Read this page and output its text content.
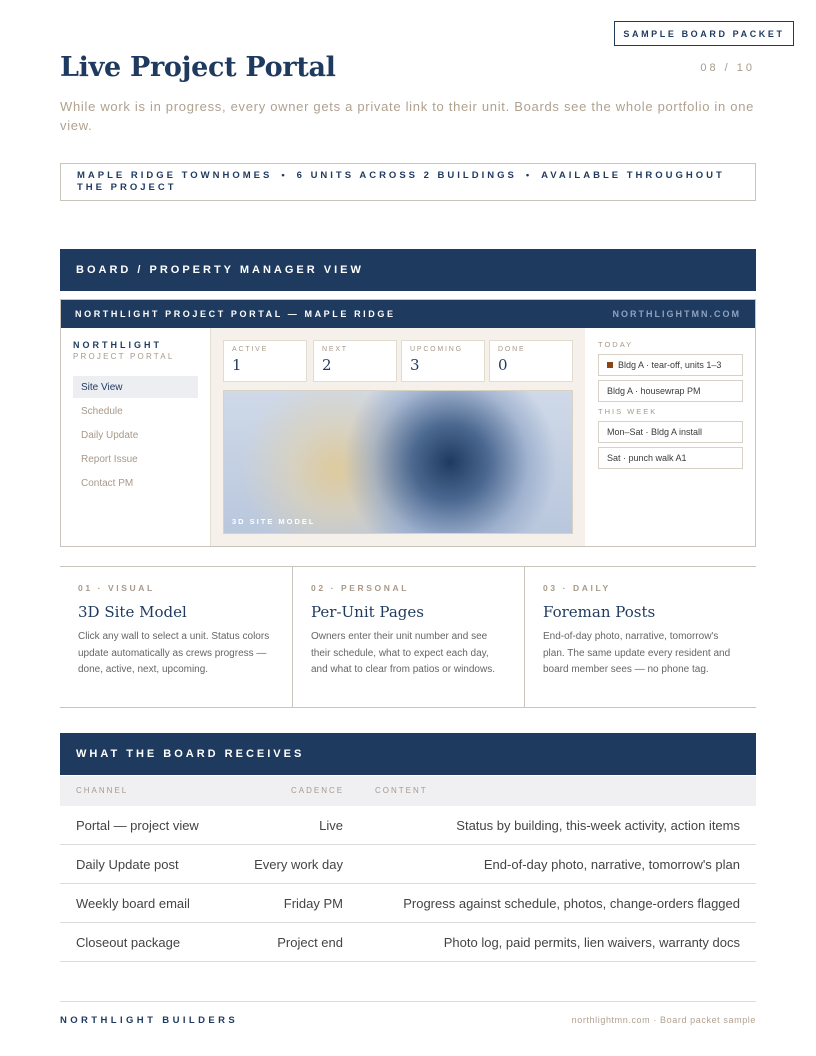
SAMPLE BOARD PACKET
08 / 10
Live Project Portal

While work is in progress, every owner gets a private link to their unit. Boards see the whole portfolio in one view.

MAPLE RIDGE TOWNHOMES • 6 UNITS ACROSS 2 BUILDINGS • AVAILABLE THROUGHOUT THE PROJECT
BOARD / PROPERTY MANAGER VIEW
NORTHLIGHT PROJECT PORTAL — MAPLE RIDGE	NORTHLIGHTMN.COM
NORTHLIGHT
PROJECT PORTAL
Site View
Schedule
Daily Update
Report Issue
Contact PM
ACTIVE
1
NEXT
2
UPCOMING
3
DONE
0
3D SITE MODEL
TODAY
Bldg A · tear-off, units 1–3
Bldg A · housewrap PM
THIS WEEK
Mon–Sat · Bldg A install
Sat · punch walk A1
01 · VISUAL
3D Site Model
Click any wall to select a unit. Status colors update automatically as crews progress — done, active, next, upcoming.
02 · PERSONAL
Per-Unit Pages
Owners enter their unit number and see their schedule, what to expect each day, and what to clear from patios or windows.
03 · DAILY
Foreman Posts
End-of-day photo, narrative, tomorrow's plan. The same update every resident and board member sees — no phone tag.
WHAT THE BOARD RECEIVES
CHANNEL	CADENCE	CONTENT
Portal — project view	Live	Status by building, this-week activity, action items
Daily Update post	Every work day	End-of-day photo, narrative, tomorrow's plan
Weekly board email	Friday PM	Progress against schedule, photos, change-orders flagged
Closeout package	Project end	Photo log, paid permits, lien waivers, warranty docs
NORTHLIGHT BUILDERS	northlightmn.com · Board packet sample
